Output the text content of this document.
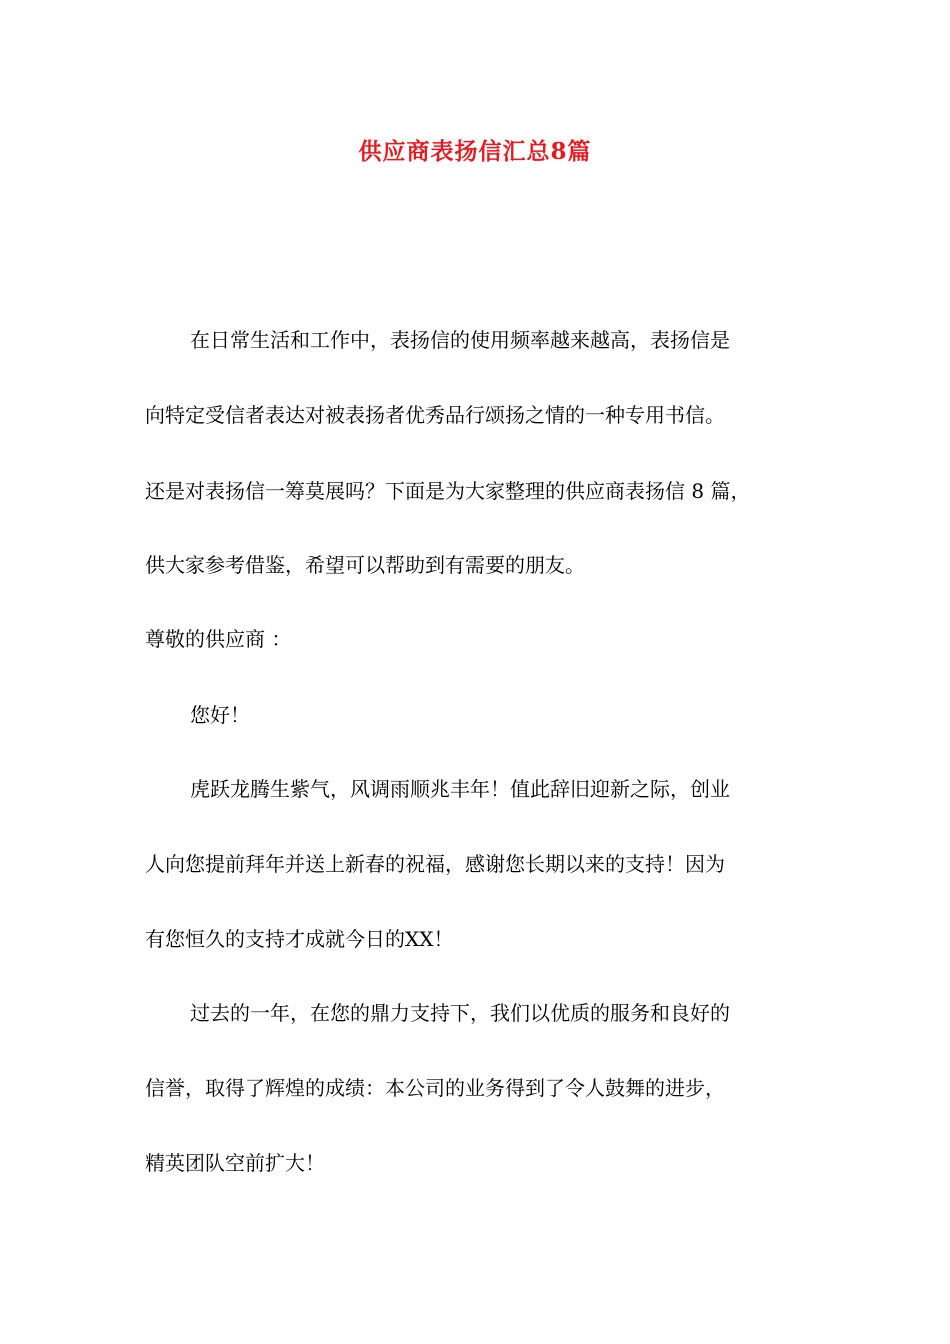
供应商表扬信汇总8篇
在日常生活和工作中，表扬信的使用频率越来越高，表扬信是
向特定受信者表达对被表扬者优秀品行颂扬之情的一种专用书信。
还是对表扬信一筹莫展吗？下面是为大家整理的供应商表扬信 8 篇，
供大家参考借鉴，希望可以帮助到有需要的朋友。
尊敬的供应商 ：
您好！
虎跃龙腾生紫气，风调雨顺兆丰年！值此辞旧迎新之际，创业
人向您提前拜年并送上新春的祝福，感谢您长期以来的支持！因为
有您恒久的支持才成就今日的XX！
过去的一年，在您的鼎力支持下，我们以优质的服务和良好的
信誉，取得了辉煌的成绩：本公司的业务得到了令人鼓舞的进步，
精英团队空前扩大！
